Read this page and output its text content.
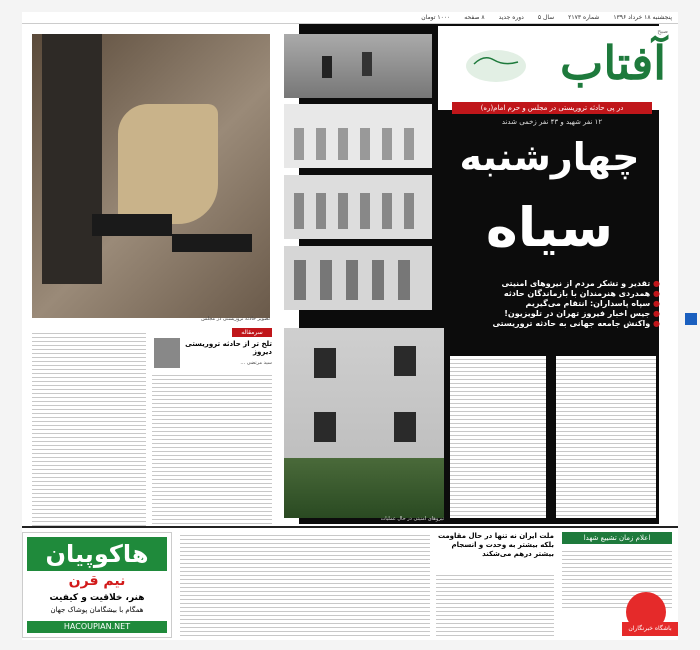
پنجشنبه ۱۸ خرداد ۱۳۹۶
شماره ۲۱۷۳
سال ۵
دوره جدید
۸ صفحه
۱۰۰۰ تومان
صبح
آفتاب
در پی حادثه تروریستی در مجلس و حرم امام(ره)
۱۲ نفر شهید و ۴۳ نفر زخمی شدند
چهارشنبه
سیاه
● تقدیر و تشکر مردم از نیروهای امنیتی
● همدردی هنرمندان با بازماندگان حادثه
● سپاه پاسداران: انتقام می‌گیریم
● جیس اخبار فیروز تهران در تلویزیون!
● واکنش جامعه جهانی به حادثه تروریستی
تصویر حادثه تروریستی در مجلس
نیروهای امنیتی در حال عملیات
سرمقاله
تلخ تر از حادثه تروریستی دیروز
سید مرتضی ...
هاکوپیان
نیم قرن
هنر، خلاقیت و کیفیت
همگام با بیشگامان پوشاک جهان
HACOUPIAN.NET
ملت ایران نه تنها در حال مقاومت بلکه بیشتر به وحدت و انسجام بیشتر درهم می‌شکند
اعلام زمان تشییع شهدا
باشگاه خبرنگاران
